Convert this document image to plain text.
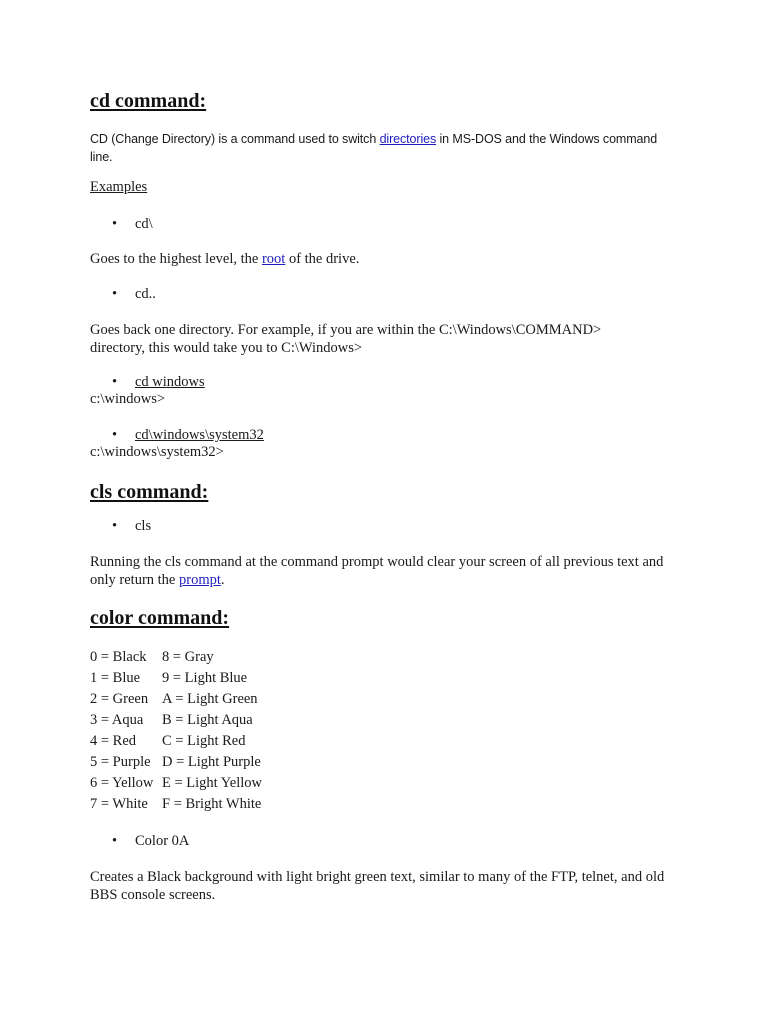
cd command:
CD (Change Directory) is a command used to switch directories in MS-DOS and the Windows command line.
Examples
• cd\
Goes to the highest level, the root of the drive.
• cd..
Goes back one directory. For example, if you are within the C:\Windows\COMMAND> directory, this would take you to C:\Windows>
• cd windows
c:\windows>
• cd\windows\system32
c:\windows\system32>
cls command:
• cls
Running the cls command at the command prompt would clear your screen of all previous text and only return the prompt.
color command:
0 = Black 8 = Gray
1 = Blue 9 = Light Blue
2 = Green A = Light Green
3 = Aqua B = Light Aqua
4 = Red C = Light Red
5 = Purple D = Light Purple
6 = Yellow E = Light Yellow
7 = White F = Bright White
• Color 0A
Creates a Black background with light bright green text, similar to many of the FTP, telnet, and old BBS console screens.
